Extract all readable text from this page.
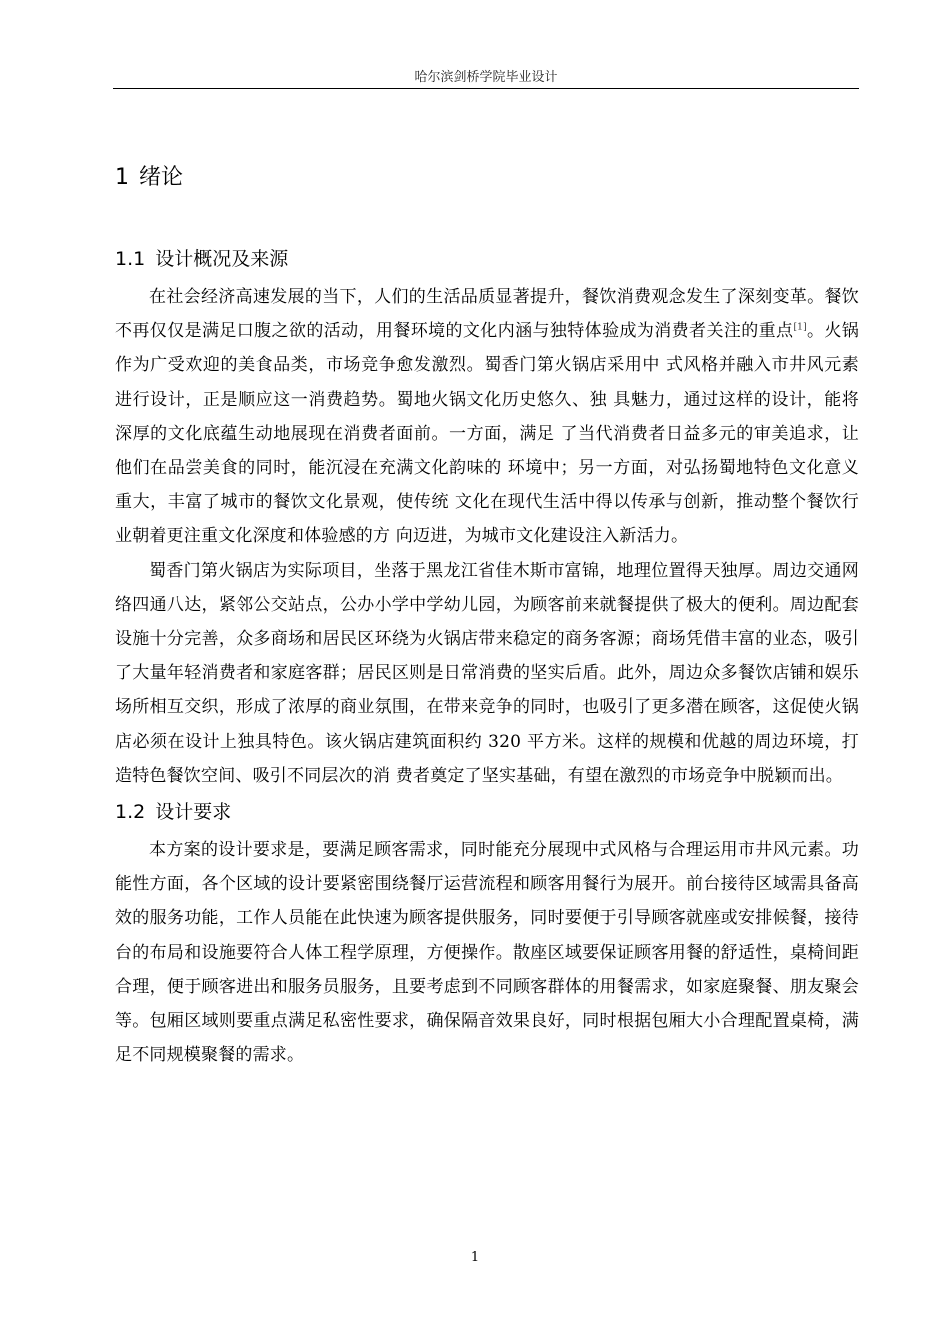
哈尔滨剑桥学院毕业设计
1 绪论
1.1 设计概况及来源

在社会经济高速发展的当下，人们的生活品质显著提升，餐饮消费观念发生了深刻变革。餐饮不再仅仅是满足口腹之欲的活动，用餐环境的文化内涵与独特体验成为消费者关注的重点[1]。火锅作为广受欢迎的美食品类，市场竞争愈发激烈。蜀香门第火锅店采用中 式风格并融入市井风元素进行设计，正是顺应这一消费趋势。蜀地火锅文化历史悠久、独 具魅力，通过这样的设计，能将深厚的文化底蕴生动地展现在消费者面前。一方面，满足 了当代消费者日益多元的审美追求，让他们在品尝美食的同时，能沉浸在充满文化韵味的 环境中；另一方面，对弘扬蜀地特色文化意义重大，丰富了城市的餐饮文化景观，使传统 文化在现代生活中得以传承与创新，推动整个餐饮行业朝着更注重文化深度和体验感的方 向迈进，为城市文化建设注入新活力。

蜀香门第火锅店为实际项目，坐落于黑龙江省佳木斯市富锦，地理位置得天独厚。周边交通网络四通八达，紧邻公交站点，公办小学中学幼儿园，为顾客前来就餐提供了极大的便利。周边配套设施十分完善，众多商场和居民区环绕为火锅店带来稳定的商务客源；商场凭借丰富的业态，吸引了大量年轻消费者和家庭客群；居民区则是日常消费的坚实后盾。此外，周边众多餐饮店铺和娱乐场所相互交织，形成了浓厚的商业氛围，在带来竞争的同时，也吸引了更多潜在顾客，这促使火锅店必须在设计上独具特色。该火锅店建筑面积约 320 平方米。这样的规模和优越的周边环境，打造特色餐饮空间、吸引不同层次的消 费者奠定了坚实基础，有望在激烈的市场竞争中脱颖而出。

1.2 设计要求

本方案的设计要求是，要满足顾客需求，同时能充分展现中式风格与合理运用市井风元素。功能性方面，各个区域的设计要紧密围绕餐厅运营流程和顾客用餐行为展开。前台接待区域需具备高效的服务功能，工作人员能在此快速为顾客提供服务，同时要便于引导顾客就座或安排候餐，接待台的布局和设施要符合人体工程学原理，方便操作。散座区域要保证顾客用餐的舒适性，桌椅间距合理，便于顾客进出和服务员服务，且要考虑到不同顾客群体的用餐需求，如家庭聚餐、朋友聚会等。包厢区域则要重点满足私密性要求，确保隔音效果良好，同时根据包厢大小合理配置桌椅，满足不同规模聚餐的需求。

1
